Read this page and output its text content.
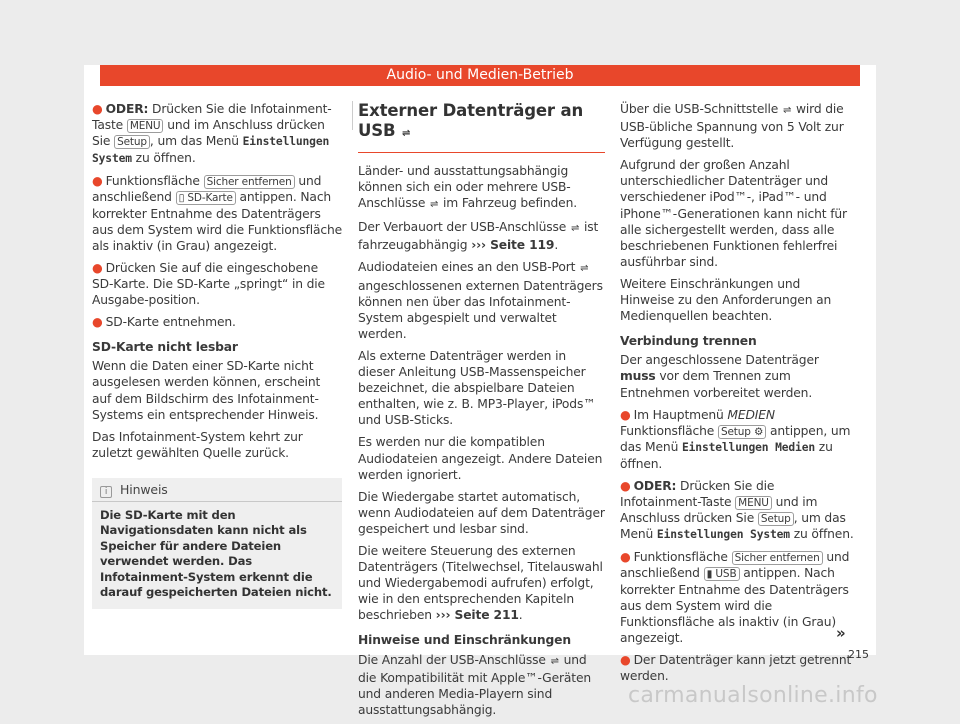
Audio- und Medien-Betrieb
● ODER: Drücken Sie die Infotainment-Taste MENU und im Anschluss drücken Sie Setup , um das Menü Einstellungen System zu öffnen.
● Funktionsfläche Sicher entfernen und anschließend ▯ SD-Karte antippen. Nach korrekter Entnahme des Datenträgers aus dem System wird die Funktionsfläche als inaktiv (in Grau) angezeigt.
● Drücken Sie auf die eingeschobene SD-Karte. Die SD-Karte „springt“ in die Ausgabe-position.
● SD-Karte entnehmen.
SD-Karte nicht lesbar
Wenn die Daten einer SD-Karte nicht ausgelesen werden können, erscheint auf dem Bildschirm des Infotainment-Systems ein entsprechender Hinweis.
Das Infotainment-System kehrt zur zuletzt gewählten Quelle zurück.
i Hinweis
Die SD-Karte mit den Navigationsdaten kann nicht als Speicher für andere Dateien verwendet werden. Das Infotainment-System erkennt die darauf gespeicherten Dateien nicht.
Externer Datenträger an USB ⇌
Länder- und ausstattungsabhängig können sich ein oder mehrere USB-Anschlüsse ⇌ im Fahrzeug befinden.
Der Verbauort der USB-Anschlüsse ⇌ ist fahrzeugabhängig ››› Seite 119.
Audiodateien eines an den USB-Port ⇌ angeschlossenen externen Datenträgers können nen über das Infotainment-System abgespielt und verwaltet werden.
Als externe Datenträger werden in dieser Anleitung USB-Massenspeicher bezeichnet, die abspielbare Dateien enthalten, wie z. B. MP3-Player, iPods™ und USB-Sticks.
Es werden nur die kompatiblen Audiodateien angezeigt. Andere Dateien werden ignoriert.
Die Wiedergabe startet automatisch, wenn Audiodateien auf dem Datenträger gespeichert und lesbar sind.
Die weitere Steuerung des externen Datenträgers (Titelwechsel, Titelauswahl und Wiedergabemodi aufrufen) erfolgt, wie in den entsprechenden Kapiteln beschrieben ››› Seite 211.
Hinweise und Einschränkungen
Die Anzahl der USB-Anschlüsse ⇌ und die Kompatibilität mit Apple™-Geräten und anderen Media-Playern sind ausstattungsabhängig.
Über die USB-Schnittstelle ⇌ wird die USB-übliche Spannung von 5 Volt zur Verfügung gestellt.
Aufgrund der großen Anzahl unterschiedlicher Datenträger und verschiedener iPod™-, iPad™- und iPhone™-Generationen kann nicht für alle sichergestellt werden, dass alle beschriebenen Funktionen fehlerfrei ausführbar sind.
Weitere Einschränkungen und Hinweise zu den Anforderungen an Medienquellen beachten.
Verbindung trennen
Der angeschlossene Datenträger muss vor dem Trennen zum Entnehmen vorbereitet werden.
● Im Hauptmenü MEDIEN Funktionsfläche Setup ⚙ antippen, um das Menü Einstellungen Medien zu öffnen.
● ODER: Drücken Sie die Infotainment-Taste MENU und im Anschluss drücken Sie Setup , um das Menü Einstellungen System zu öffnen.
● Funktionsfläche Sicher entfernen und anschließend ▮ USB antippen. Nach korrekter Entnahme des Datenträgers aus dem System wird die Funktionsfläche als inaktiv (in Grau) angezeigt.
● Der Datenträger kann jetzt getrennt werden.
»
215
carmanualsonline.info
